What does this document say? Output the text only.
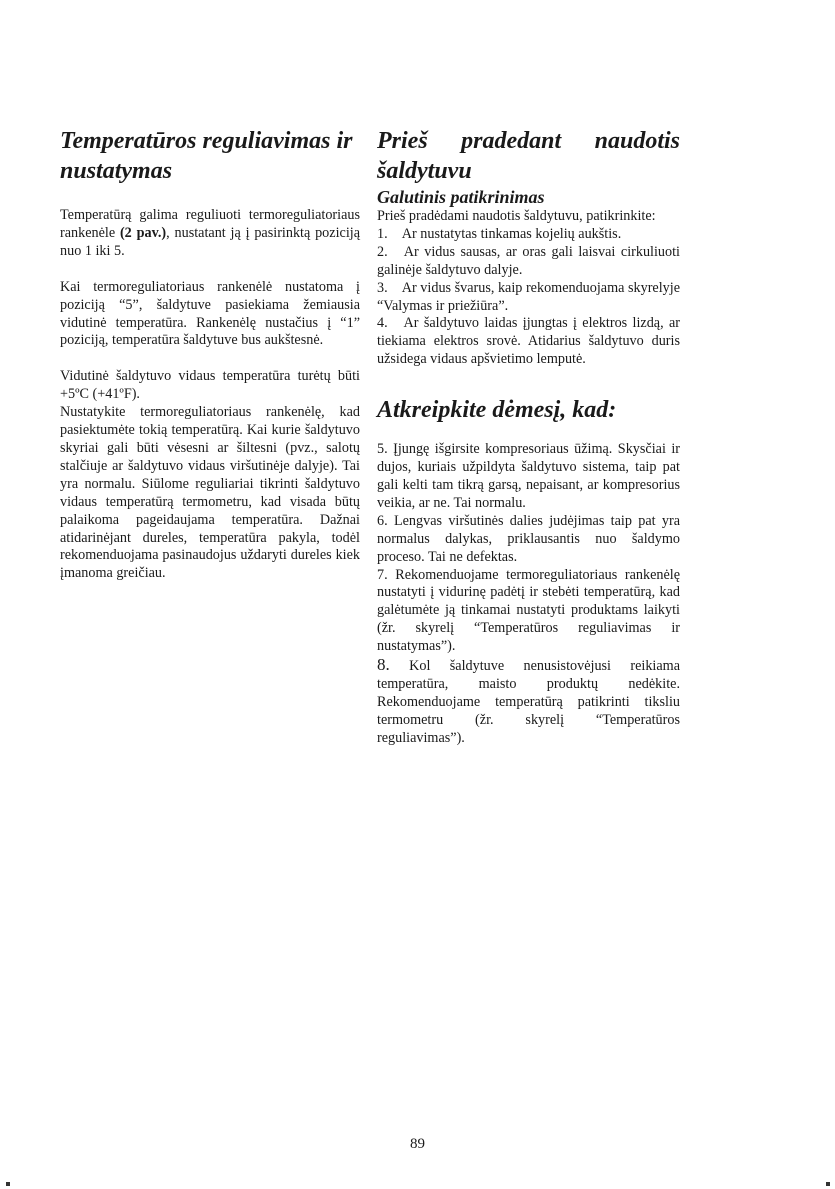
Temperatūros reguliavimas ir
nustatymas

Temperatūrą galima reguliuoti termoreguliatoriaus rankenėle (2 pav.), nustatant ją į pasirinktą poziciją nuo 1 iki 5.

Kai termoreguliatoriaus rankenėlė nustatoma į poziciją “5”, šaldytuve pasiekiama žemiausia vidutinė temperatūra. Rankenėlę nustačius į “1” poziciją, temperatūra šaldytuve bus aukštesnė.

Vidutinė šaldytuvo vidaus temperatūra turėtų būti +5ºC (+41ºF).

Nustatykite termoreguliatoriaus rankenėlę, kad pasiektumėte tokią temperatūrą. Kai kurie šaldytuvo skyriai gali būti vėsesni ar šiltesni (pvz., salotų stalčiuje ar šaldytuvo vidaus viršutinėje dalyje). Tai yra normalu. Siūlome reguliariai tikrinti šaldytuvo vidaus temperatūrą termometru, kad visada būtų palaikoma pageidaujama temperatūra. Dažnai atidarinėjant dureles, temperatūra pakyla, todėl rekomenduojama pasinaudojus uždaryti dureles kiek įmanoma greičiau.

Prieš pradedant naudotis
šaldytuvu
Galutinis patikrinimas

Prieš pradėdami naudotis šaldytuvu, patikrinkite:

1. Ar nustatytas tinkamas kojelių aukštis.

2. Ar vidus sausas, ar oras gali laisvai cirkuliuoti galinėje šaldytuvo dalyje.

3. Ar vidus švarus, kaip rekomenduojama skyrelyje “Valymas ir priežiūra”.

4. Ar šaldytuvo laidas įjungtas į elektros lizdą, ar tiekiama elektros srovė. Atidarius šaldytuvo duris užsidega vidaus apšvietimo lemputė.

Atkreipkite dėmesį, kad:

5. Įjungę išgirsite kompresoriaus ūžimą. Skysčiai ir dujos, kuriais užpildyta šaldytuvo sistema, taip pat gali kelti tam tikrą garsą, nepaisant, ar kompresorius veikia, ar ne. Tai normalu.

6. Lengvas viršutinės dalies judėjimas taip pat yra normalus dalykas, priklausantis nuo šaldymo proceso. Tai ne defektas.

7. Rekomenduojame termoreguliatoriaus rankenėlę nustatyti į vidurinę padėtį ir stebėti temperatūrą, kad galėtumėte ją tinkamai nustatyti produktams laikyti (žr. skyrelį “Temperatūros reguliavimas ir nustatymas”).

8. Kol šaldytuve nenusistovėjusi reikiama temperatūra, maisto produktų nedėkite. Rekomenduojame temperatūrą patikrinti tiksliu termometru (žr. skyrelį “Temperatūros reguliavimas”).

89
